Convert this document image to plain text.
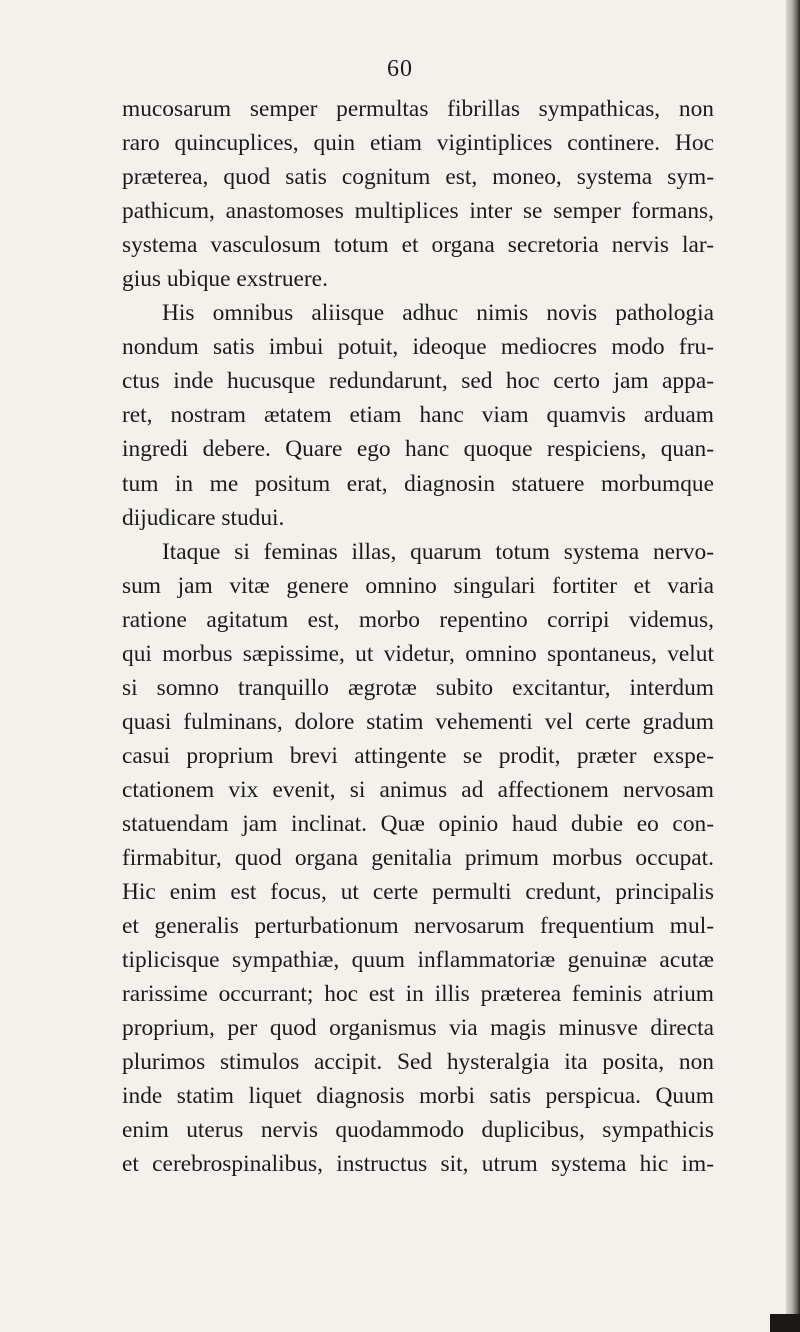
60
mucosarum semper permultas fibrillas sympathicas, non
raro quincuplices, quin etiam vigintiplices continere. Hoc
præterea, quod satis cognitum est, moneo, systema sym-
pathicum, anastomoses multiplices inter se semper formans,
systema vasculosum totum et organa secretoria nervis lar-
gius ubique exstruere.
His omnibus aliisque adhuc nimis novis pathologia
nondum satis imbui potuit, ideoque mediocres modo fru-
ctus inde hucusque redundarunt, sed hoc certo jam appa-
ret, nostram ætatem etiam hanc viam quamvis arduam
ingredi debere. Quare ego hanc quoque respiciens, quan-
tum in me positum erat, diagnosin statuere morbumque
dijudicare studui.
Itaque si feminas illas, quarum totum systema nervo-
sum jam vitæ genere omnino singulari fortiter et varia
ratione agitatum est, morbo repentino corripi videmus,
qui morbus sæpissime, ut videtur, omnino spontaneus, velut
si somno tranquillo ægrotæ subito excitantur, interdum
quasi fulminans, dolore statim vehementi vel certe gradum
casui proprium brevi attingente se prodit, præter exspe-
ctationem vix evenit, si animus ad affectionem nervosam
statuendam jam inclinat. Quæ opinio haud dubie eo con-
firmabitur, quod organa genitalia primum morbus occupat.
Hic enim est focus, ut certe permulti credunt, principalis
et generalis perturbationum nervosarum frequentium mul-
tiplicisque sympathiæ, quum inflammatoriæ genuinæ acutæ
rarissime occurrant; hoc est in illis præterea feminis atrium
proprium, per quod organismus via magis minusve directa
plurimos stimulos accipit. Sed hysteralgia ita posita, non
inde statim liquet diagnosis morbi satis perspicua. Quum
enim uterus nervis quodammodo duplicibus, sympathicis
et cerebrospinalibus, instructus sit, utrum systema hic im-
